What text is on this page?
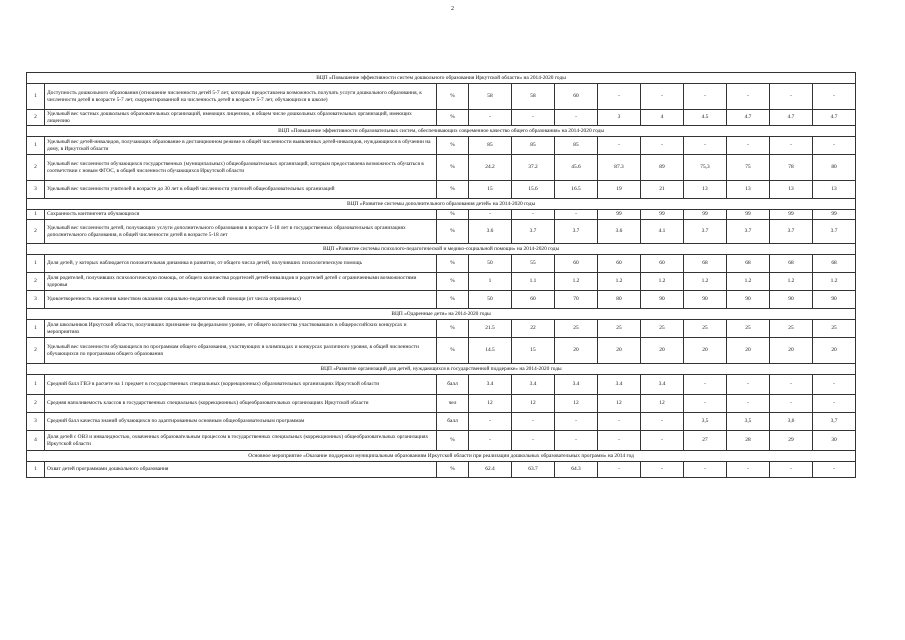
2
ВЦП «Повышение эффективности систем дошкольного образования Иркутской области» на 2014-2020 годы											
1	Доступность дошкольного образования (отношение численности детей 5-7 лет, которым предоставлена возможность получать услуги дошкольного образования, к численности детей в возрасте 5-7 лет, скорректированной на численность детей в возрасте 5-7 лет, обучающихся в школе)	%	58	58	60	-	-	-	-	-	-
2	Удельный вес частных дошкольных образовательных организаций, имеющих лицензию, в общем числе дошкольных образовательных организаций, имеющих лицензию	%	-	-	-	3	4	4.5	4.7	4.7	4.7
ВЦП «Повышение эффективности образовательных систем, обеспечивающих современное качество общего образования» на 2014-2020 годы											
1	Удельный вес детей-инвалидов, получающих образование в дистанционном режиме в общей численности выявленных детей-инвалидов, нуждающихся в обучении на дому, в Иркутской области	%	85	85	85	-	-	-	-	-	-
2	Удельный вес численности обучающихся государственных (муниципальных) общеобразовательных организаций, которым предоставлена возможность обучаться в соответствии с новым ФГОС, в общей численности обучающихся Иркутской области	%	24.2	37.2	45.6	87.3	89	75,3	75	78	80
3	Удельный вес численности учителей в возрасте до 30 лет в общей численности учителей общеобразовательных организаций	%	15	15.6	16.5	19	21	13	13	13	13
ВЦП «Развитие системы дополнительного образования детей» на 2014-2020 годы											
1	Сохранность контингента обучающихся	%	-	-	-	99	99	99	99	99	99
2	Удельный вес численности детей, получающих услуги дополнительного образования в возрасте 5-18 лет в государственных образовательных организациях дополнительного образования, в общей численности детей в возрасте 5-18 лет	%	3.6	3.7	3.7	3.6	4.1	3.7	3.7	3.7	3.7
ВЦП «Развитие системы психолого-педагогической и медико-социальной помощи» на 2014-2020 годы											
1	Доля детей, у которых наблюдается положительная динамика в развитии, от общего числа детей, получивших психологическую помощь	%	50	55	60	60	60	68	68	68	68
2	Доля родителей, получивших психологическую помощь, от общего количества родителей детей-инвалидов и родителей детей с ограниченными возможностями здоровья	%	1	1.1	1.2	1.2	1.2	1.2	1.2	1.2	1.2
3	Удовлетворенность населения качеством оказания социально-педагогической помощи (от числа опрошенных)	%	50	60	70	80	90	90	90	90	90
ВЦП «Одаренные дети» на 2014-2020 годы											
1	Доля школьников Иркутской области, получивших признание на федеральном уровне, от общего количества участвовавших в общероссийских конкурсах и мероприятиях	%	21.5	22	25	25	25	25	25	25	25
2	Удельный вес численности обучающихся по программам общего образования, участвующих в олимпиадах и конкурсах различного уровня, в общей численности обучающихся по программам общего образования	%	14.5	15	20	20	20	20	20	20	20
ВЦП «Развитие организаций для детей, нуждающихся в государственной поддержке» на 2014-2020 годы											
1	Средний балл ГВЭ в расчете на 1 предмет в государственных специальных (коррекционных) образовательных организациях Иркутской области	балл	3.4	3.4	3.4	3.4	3.4	-	-	-	-
2	Средняя наполняемость классов в государственных специальных (коррекционных) общеобразовательных организациях Иркутской области	чел	12	12	12	12	12	-	-	-	-
3	Средний балл качества знаний обучающихся по адаптированным основным общеобразовательным программам	балл	-	-	-	-	-	3,5	3,5	3,6	3,7
4	Доля детей с ОВЗ и инвалидностью, охваченных образовательным процессом в государственных специальных (коррекционных) общеобразовательных организациях Иркутской области	%	-	-	-	-	-	27	28	29	30
Основное мероприятие «Оказание поддержки муниципальным образованиям Иркутской области при реализации дошкольных образовательных программ» на 2014 год											
1	Охват детей программами дошкольного образования	%	62.4	63.7	64.3	-	-	-	-	-	-
